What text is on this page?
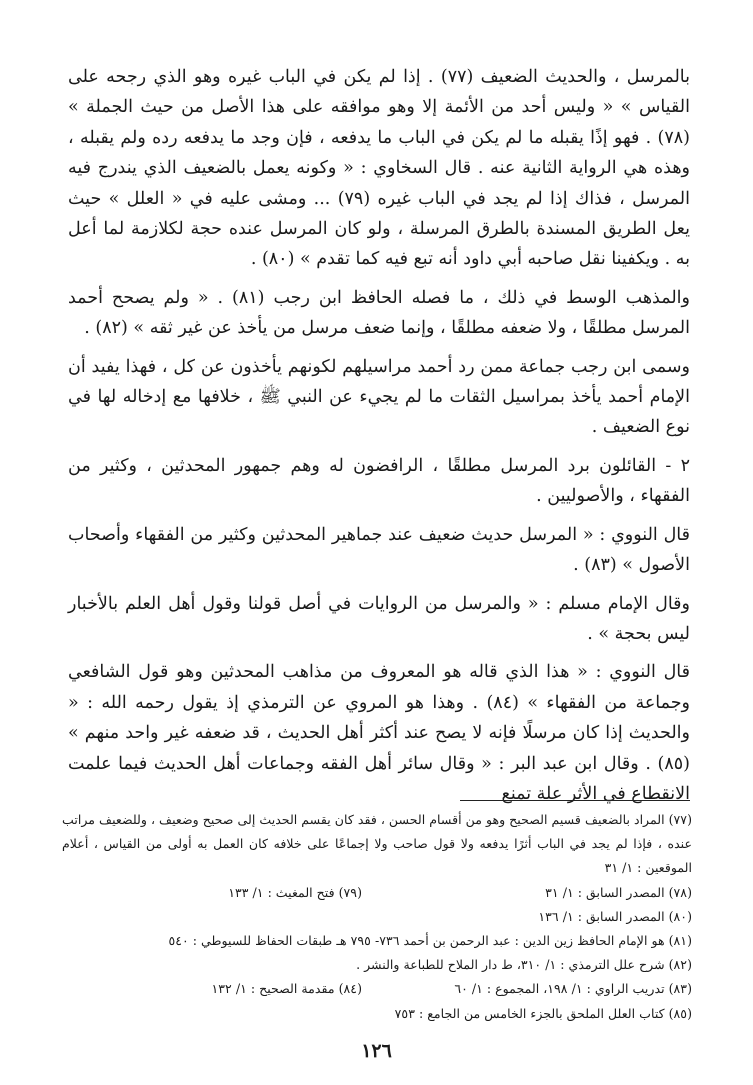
بالمرسل ، والحديث الضعيف (٧٧) . إذا لم يكن في الباب غيره وهو الذي رجحه على القياس » « وليس أحد من الأئمة إلا وهو موافقه على هذا الأصل من حيث الجملة » (٧٨) . فهو إذًا يقبله ما لم يكن في الباب ما يدفعه ، فإن وجد ما يدفعه رده ولم يقبله ، وهذه هي الرواية الثانية عنه . قال السخاوي : « وكونه يعمل بالضعيف الذي يندرج فيه المرسل ، فذاك إذا لم يجد في الباب غيره (٧٩) ... ومشى عليه في « العلل » حيث يعل الطريق المسندة بالطرق المرسلة ، ولو كان المرسل عنده حجة لكلازمة لما أعل به . ويكفينا نقل صاحبه أبي داود أنه تبع فيه كما تقدم » (٨٠) .

والمذهب الوسط في ذلك ، ما فصله الحافظ ابن رجب (٨١) . « ولم يصحح أحمد المرسل مطلقًا ، ولا ضعفه مطلقًا ، وإنما ضعف مرسل من يأخذ عن غير ثقه » (٨٢) .

وسمى ابن رجب جماعة ممن رد أحمد مراسيلهم لكونهم يأخذون عن كل ، فهذا يفيد أن الإمام أحمد يأخذ بمراسيل الثقات ما لم يجيء عن النبي ﷺ ، خلافها مع إدخاله لها في نوع الضعيف .

٢ - القائلون برد المرسل مطلقًا ، الرافضون له وهم جمهور المحدثين ، وكثير من الفقهاء ، والأصوليين .

قال النووي : « المرسل حديث ضعيف عند جماهير المحدثين وكثير من الفقهاء وأصحاب الأصول » (٨٣) .

وقال الإمام مسلم : « والمرسل من الروايات في أصل قولنا وقول أهل العلم بالأخبار ليس بحجة » .

قال النووي : « هذا الذي قاله هو المعروف من مذاهب المحدثين وهو قول الشافعي وجماعة من الفقهاء » (٨٤) . وهذا هو المروي عن الترمذي إذ يقول رحمه الله : « والحديث إذا كان مرسلًا فإنه لا يصح عند أكثر أهل الحديث ، قد ضعفه غير واحد منهم » (٨٥) . وقال ابن عبد البر : « وقال سائر أهل الفقه وجماعات أهل الحديث فيما علمت الانقطاع في الأثر علة تمنع

(٧٧) المراد بالضعيف قسيم الصحيح وهو من أقسام الحسن ، فقد كان يقسم الحديث إلى صحيح وضعيف ، وللضعيف مراتب عنده ، فإذا لم يجد في الباب أثرًا يدفعه ولا قول صاحب ولا إجماعًا على خلافه كان العمل به أولى من القياس ، أعلام الموقعين : ١/ ٣١
(٧٨) المصدر السابق : ١/ ٣١
(٧٩) فتح المغيث : ١/ ١٣٣
(٨٠) المصدر السابق : ١/ ١٣٦
(٨١) هو الإمام الحافظ زين الدين : عبد الرحمن بن أحمد ٧٣٦- ٧٩٥ هـ طبقات الحفاظ للسيوطي : ٥٤٠
(٨٢) شرح علل الترمذي : ١/ ٣١٠، ط دار الملاح للطباعة والنشر .
(٨٣) تدريب الراوي : ١/ ١٩٨، المجموع : ١/ ٦٠
(٨٤) مقدمة الصحيح : ١/ ١٣٢
(٨٥) كتاب العلل الملحق بالجزء الخامس من الجامع : ٧٥٣
١٢٦
